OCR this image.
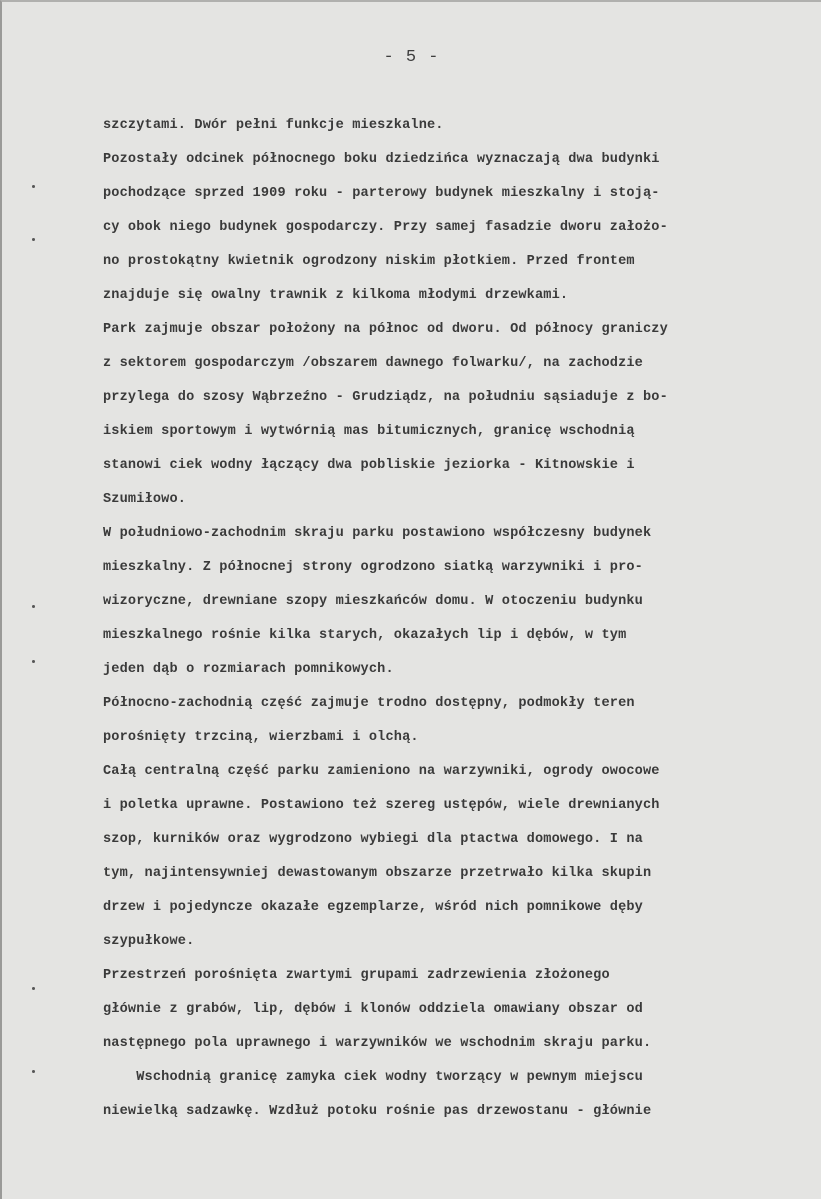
- 5 -
szczytami. Dwór pełni funkcje mieszkalne.
Pozostały odcinek północnego boku dziedzińca wyznaczają dwa budynki
pochodzące sprzed 1909 roku - parterowy budynek mieszkalny i stoją-
cy obok niego budynek gospodarczy. Przy samej fasadzie dworu założo-
no prostokątny kwietnik ogrodzony niskim płotkiem. Przed frontem
znajduje się owalny trawnik z kilkoma młodymi drzewkami.
Park zajmuje obszar położony na północ od dworu. Od północy graniczy
z sektorem gospodarczym /obszarem dawnego folwarku/, na zachodzie
przylega do szosy Wąbrzeźno - Grudziądz, na południu sąsiaduje z bo-
iskiem sportowym i wytwórnią mas bitumicznych, granicę wschodnią
stanowi ciek wodny łączący dwa pobliskie jeziorka - Kitnowskie i
Szumiłowo.
W południowo-zachodnim skraju parku postawiono współczesny budynek
mieszkalny. Z północnej strony ogrodzono siatką warzywniki i pro-
wizoryczne, drewniane szopy mieszkańców domu. W otoczeniu budynku
mieszkalnego rośnie kilka starych, okazałych lip i dębów, w tym
jeden dąb o rozmiarach pomnikowych.
Północno-zachodnią część zajmuje trodno dostępny, podmokły teren
porośnięty trzciną, wierzbami i olchą.
Całą centralną część parku zamieniono na warzywniki, ogrody owocowe
i poletka uprawne. Postawiono też szereg ustępów, wiele drewnianych
szop, kurników oraz wygrodzono wybiegi dla ptactwa domowego. I na
tym, najintensywniej dewastowanym obszarze przetrwało kilka skupin
drzew i pojedyncze okazałe egzemplarze, wśród nich pomnikowe dęby
szypułkowe.
Przestrzeń porośnięta zwartymi grupami zadrzewienia złożonego
głównie z grabów, lip, dębów i klonów oddziela omawiany obszar od
następnego pola uprawnego i warzywników we wschodnim skraju parku.
Wschodnią granicę zamyka ciek wodny tworzący w pewnym miejscu
niewielką sadzawkę. Wzdłuż potoku rośnie pas drzewostanu - głównie
